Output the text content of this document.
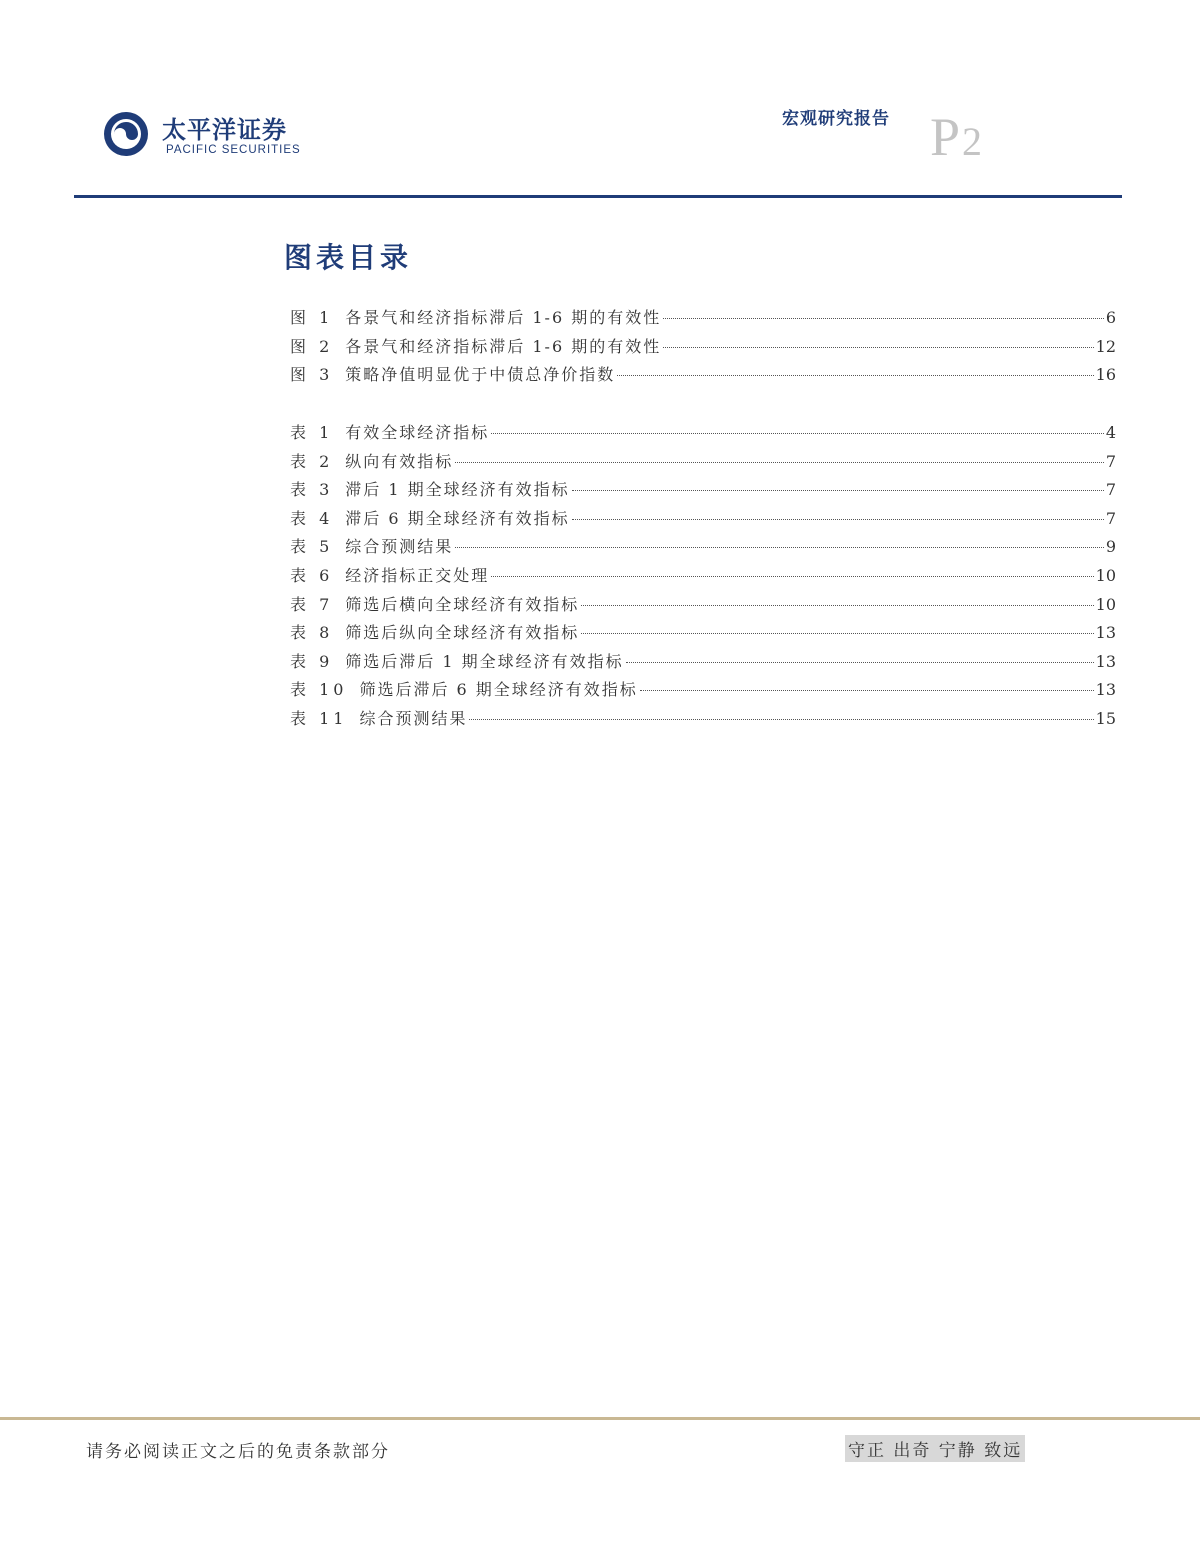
太平洋证券
PACIFIC SECURITIES
宏观研究报告 P2
图表目录
图 1 各景气和经济指标滞后 1-6 期的有效性	6
图 2 各景气和经济指标滞后 1-6 期的有效性	12
图 3 策略净值明显优于中债总净价指数	16
表 1 有效全球经济指标	4
表 2 纵向有效指标	7
表 3 滞后 1 期全球经济有效指标	7
表 4 滞后 6 期全球经济有效指标	7
表 5 综合预测结果	9
表 6 经济指标正交处理	10
表 7 筛选后横向全球经济有效指标	10
表 8 筛选后纵向全球经济有效指标	13
表 9 筛选后滞后 1 期全球经济有效指标	13
表 10 筛选后滞后 6 期全球经济有效指标	13
表 11 综合预测结果	15
请务必阅读正文之后的免责条款部分	守正 出奇 宁静 致远
